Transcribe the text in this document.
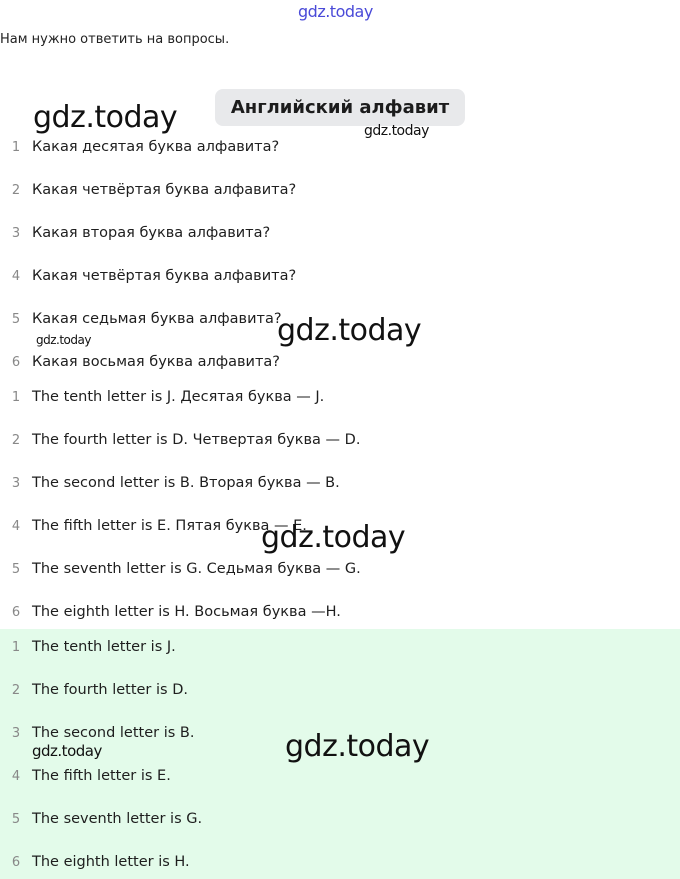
gdz.today
Нам нужно ответить на вопросы.
Английский алфавит
1 Какая десятая буква алфавита?
2 Какая четвёртая буква алфавита?
3 Какая вторая буква алфавита?
4 Какая четвёртая буква алфавита?
5 Какая седьмая буква алфавита?
6 Какая восьмая буква алфавита?
1 The tenth letter is J. Десятая буква — J.
2 The fourth letter is D. Четвертая буква — D.
3 The second letter is B. Вторая буква — B.
4 The fifth letter is E. Пятая буква — E.
5 The seventh letter is G. Седьмая буква — G.
6 The eighth letter is H. Восьмая буква —H.
1 The tenth letter is J.
2 The fourth letter is D.
3 The second letter is B.
4 The fifth letter is E.
5 The seventh letter is G.
6 The eighth letter is H.
gdz.today	gdz.today
gdz.today
gdz.today
gdz.today
gdz.today	gdz.today
